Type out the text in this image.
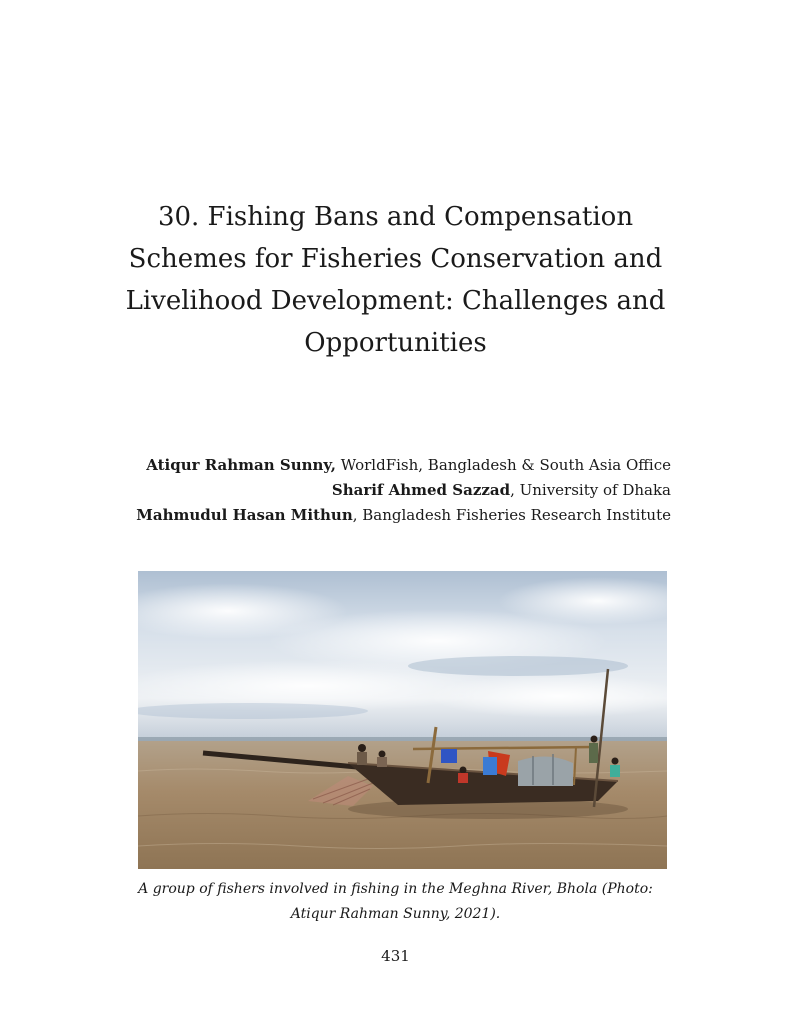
30. Fishing Bans and Compensation Schemes for Fisheries Conservation and Livelihood Development: Challenges and Opportunities
Atiqur Rahman Sunny, WorldFish, Bangladesh & South Asia Office
Sharif Ahmed Sazzad, University of Dhaka
Mahmudul Hasan Mithun, Bangladesh Fisheries Research Institute

A group of fishers involved in fishing in the Meghna River, Bhola (Photo: Atiqur Rahman Sunny, 2021).

431
